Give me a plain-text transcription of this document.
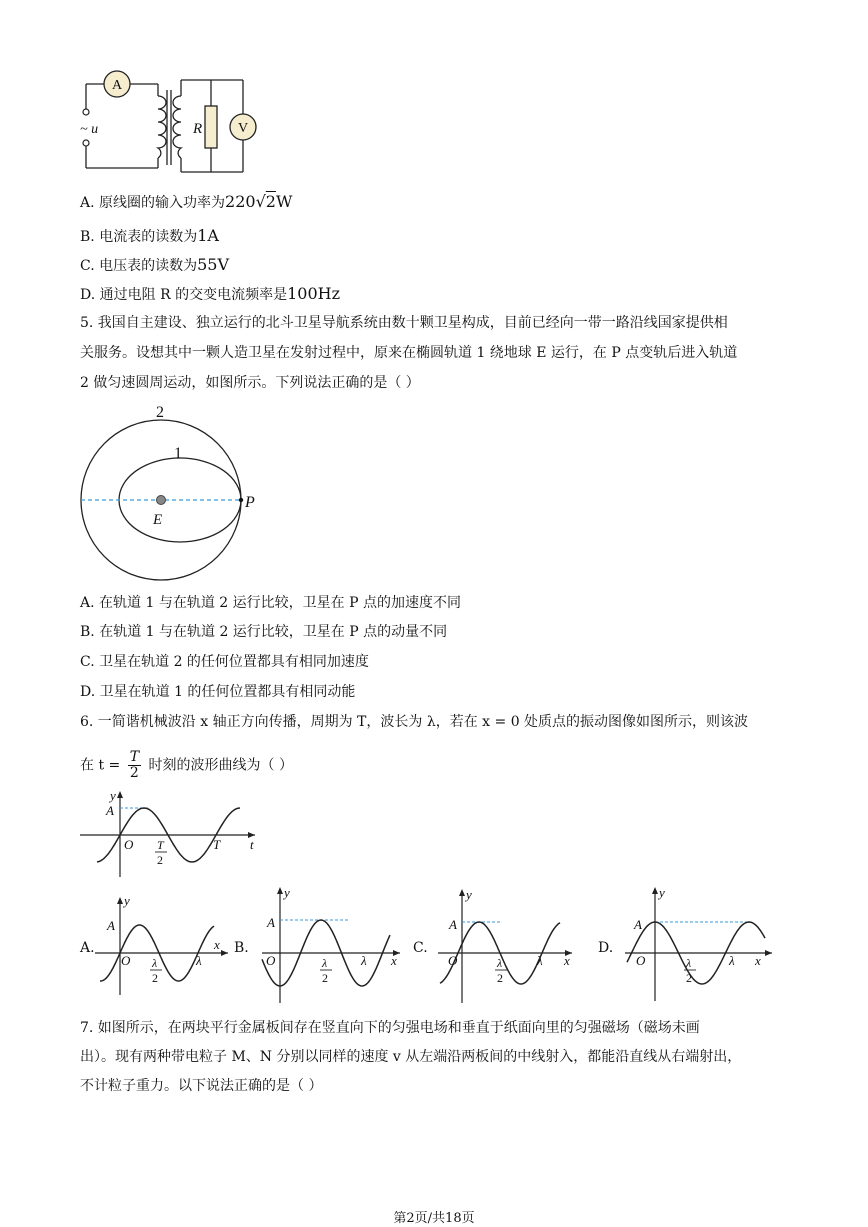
A
V
R
~ u
A. 原线圈的输入功率为220√2W
B. 电流表的读数为1A
C. 电压表的读数为55V
D. 通过电阻 R 的交变电流频率是100Hz
5. 我国自主建设、独立运行的北斗卫星导航系统由数十颗卫星构成，目前已经向一带一路沿线国家提供相
关服务。设想其中一颗人造卫星在发射过程中，原来在椭圆轨道 1 绕地球 E 运行，在 P 点变轨后进入轨道
2 做匀速圆周运动，如图所示。下列说法正确的是（ ）
2
1
E
P
A. 在轨道 1 与在轨道 2 运行比较，卫星在 P 点的加速度不同
B. 在轨道 1 与在轨道 2 运行比较，卫星在 P 点的动量不同
C. 卫星在轨道 2 的任何位置都具有相同加速度
D. 卫星在轨道 1 的任何位置都具有相同动能
6. 一简谐机械波沿 x 轴正方向传播，周期为 T，波长为 λ，若在 x = 0 处质点的振动图像如图所示，则该波
在 $t = \frac{T}{2}$ 时刻的波形曲线为（ ）
y
A
O T
2
T t
A.	B.	C.	D.
y
A
O λ
2
λ
x
y
A
O	λ
2
λ x
y
A
O	λ
2
λ x
y
A
O	λ
2
λ x
7. 如图所示，在两块平行金属板间存在竖直向下的匀强电场和垂直于纸面向里的匀强磁场（磁场未画
出）。现有两种带电粒子 M、N 分别以同样的速度 v 从左端沿两板间的中线射入，都能沿直线从右端射出，
不计粒子重力。以下说法正确的是（ ）
第2页/共18页
